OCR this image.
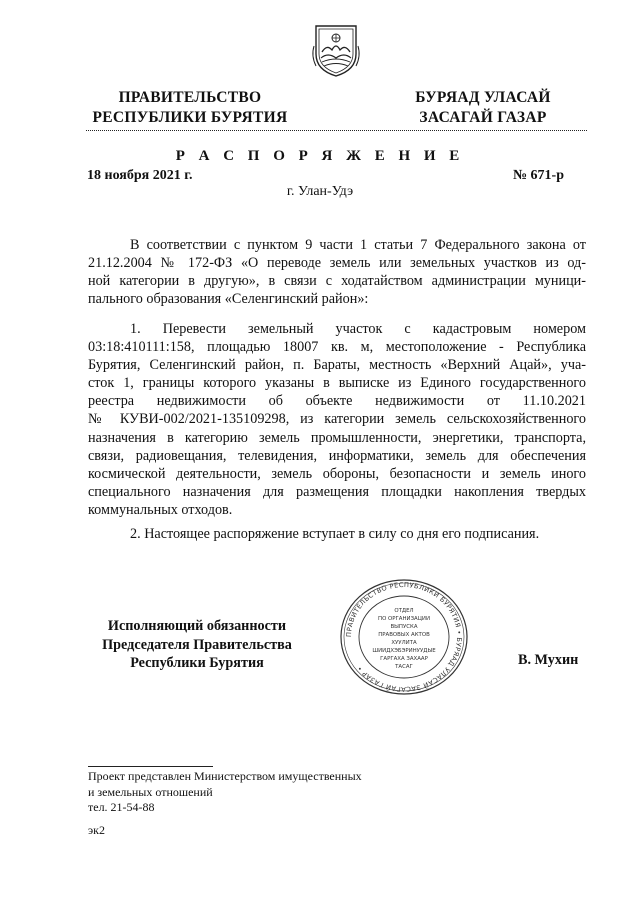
ПРАВИТЕЛЬСТВО
РЕСПУБЛИКИ БУРЯТИЯ
БУРЯАД УЛАСАЙ
ЗАСАГАЙ ГАЗАР
Р А С П О Р Я Ж Е Н И Е
18 ноября 2021 г.	№ 671-р
г. Улан-Удэ
В соответствии с пунктом 9 части 1 статьи 7 Федерального закона от
21.12.2004 № 172-ФЗ «О переводе земель или земельных участков из од-
ной категории в другую», в связи с ходатайством администрации муници-
пального образования «Селенгинский район»:
1. Перевести земельный участок с кадастровым номером
03:18:410111:158, площадью 18007 кв. м, местоположение - Республика
Бурятия, Селенгинский район, п. Бараты, местность «Верхний Ацай», уча-
сток 1, границы которого указаны в выписке из Единого государственного
реестра недвижимости об объекте недвижимости от 11.10.2021
№ КУВИ-002/2021-135109298, из категории земель сельскохозяйственного
назначения в категорию земель промышленности, энергетики, транспорта,
связи, радиовещания, телевидения, информатики, земель для обеспечения
космической деятельности, земель обороны, безопасности и земель иного
специального назначения для размещения площадки накопления твердых
коммунальных отходов.
2. Настоящее распоряжение вступает в силу со дня его подписания.
Исполняющий обязанности
Председателя Правительства
Республики Бурятия
ПРАВИТЕЛЬСТВО РЕСПУБЛИКИ БУРЯТИЯ • БУРЯАД УЛАСАЙ ЗАСАГАЙ ГАЗАР •
ОТДЕЛ
ПО ОРГАНИЗАЦИИ
ВЫПУСКА
ПРАВОВЫХ АКТОВ
ХУУЛИТА
ШИИДХЭБЭРИНУУДЫЕ
ГАРГАХА ЗАХААР
ТАСАГ	В. Мухин
Проект представлен Министерством имущественных
и земельных отношений
тел. 21-54-88
эк2
